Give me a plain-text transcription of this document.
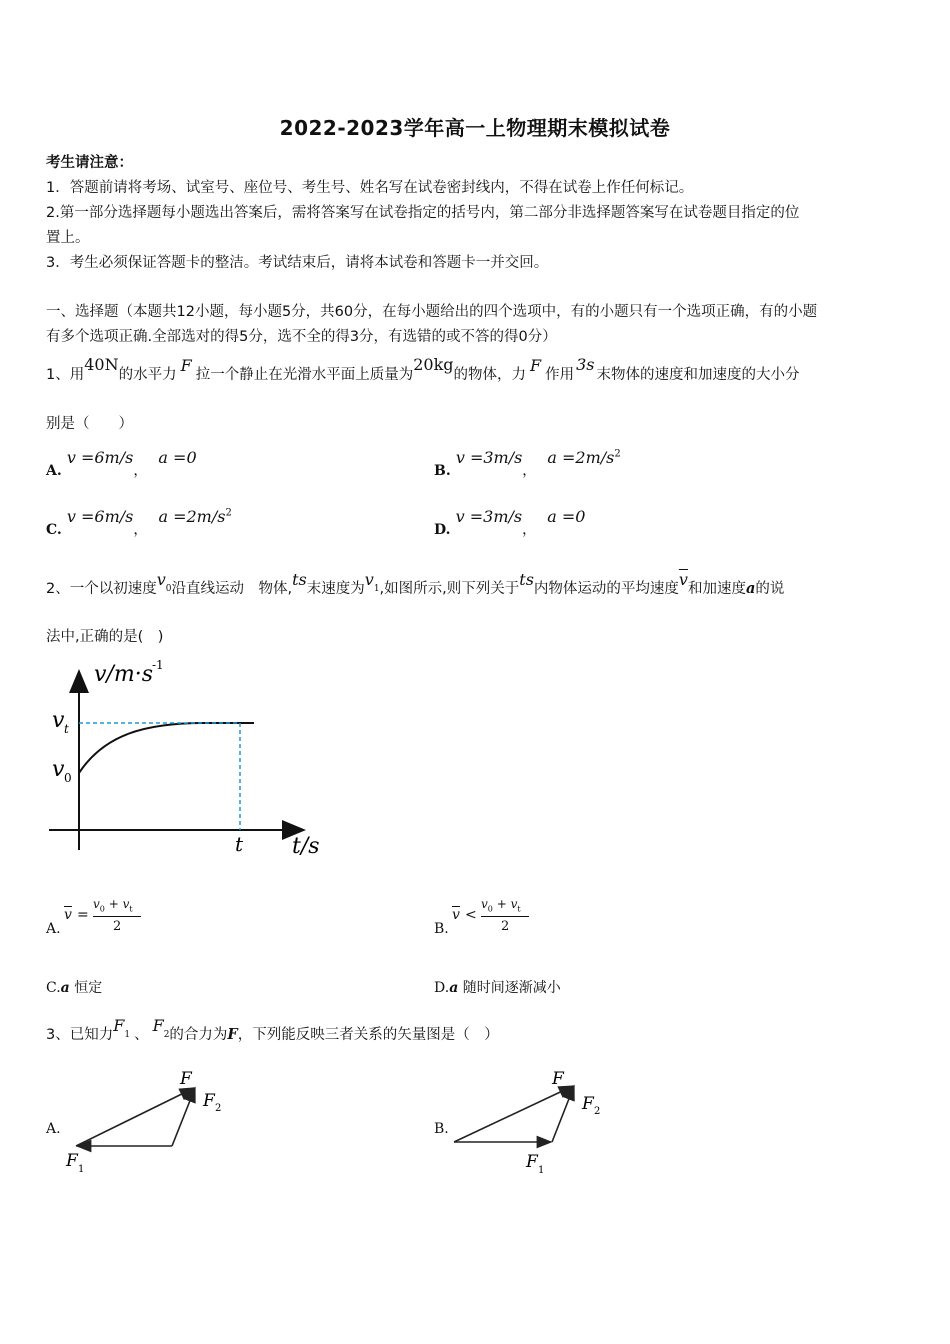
2022-2023学年高一上物理期末模拟试卷
考生请注意：
1．答题前请将考场、试室号、座位号、考生号、姓名写在试卷密封线内，不得在试卷上作任何标记。
2.第一部分选择题每小题选出答案后，需将答案写在试卷指定的括号内，第二部分非选择题答案写在试卷题目指定的位
置上。
3．考生必须保证答题卡的整洁。考试结束后，请将本试卷和答题卡一并交回。
一、选择题（本题共12小题，每小题5分，共60分，在每小题给出的四个选项中，有的小题只有一个选项正确，有的小题
有多个选项正确.全部选对的得5分，选不全的得3分，有选错的或不答的得0分）
1、用40N的水平力 F 拉一个静止在光滑水平面上质量为20kg的物体，力 F 作用3s末物体的速度和加速度的大小分
别是（　　）
A. v =6m/s， a =0
B. v =3m/s， $a =2m/s^2$
C. v =6m/s， $a =2m/s^2$
D. v =3m/s， a =0
2、一个以初速度$v_0$沿直线运动　物体,ts末速度为$v_1$,如图所示,则下列关于ts内物体运动的平均速度$\overline{v}$和加速度a的说
法中,正确的是(　)
v/m·s -1
v t
v 0
t t/s
A.
$\overline{v}$ =
$v_0 + v_t$
2	B.
$\overline{v}$ <
$v_0 + v_t$
2
C.a 恒定	D.a 随时间逐渐减小
3、已知力$F_1$ 、 $F_2$的合力为F，下列能反映三者关系的矢量图是（　）
A.
F
F 2
F 1
B.
F
F 2
F 1
